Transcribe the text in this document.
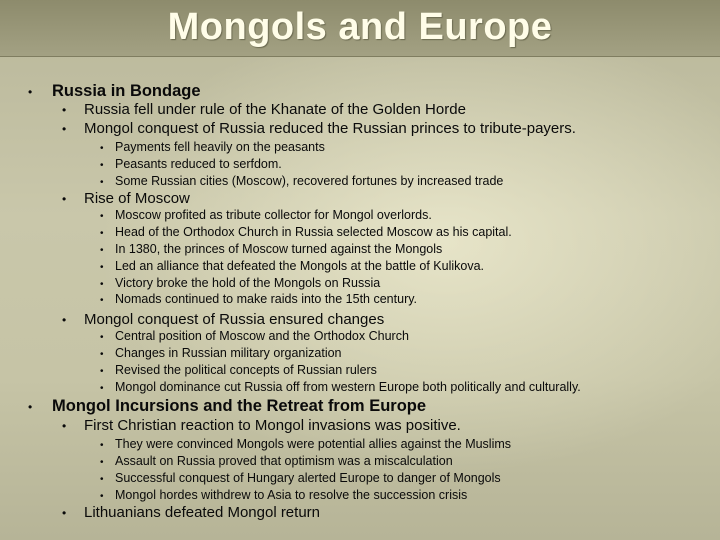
Mongols and Europe
• Russia in Bondage
• Russia fell under rule of the Khanate of the Golden Horde
• Mongol conquest of Russia reduced the Russian princes to tribute-payers.
• Payments fell heavily on the peasants
• Peasants reduced to serfdom.
• Some Russian cities (Moscow), recovered fortunes by increased trade
• Rise of Moscow
• Moscow profited as tribute collector for Mongol overlords.
• Head of the Orthodox Church in Russia selected Moscow as his capital.
• In 1380, the princes of Moscow turned against the Mongols
• Led an alliance that defeated the Mongols at the battle of Kulikova.
• Victory broke the hold of the Mongols on Russia
• Nomads continued to make raids into the 15th century.
• Mongol conquest of Russia ensured changes
• Central position of Moscow and the Orthodox Church
• Changes in Russian military organization
• Revised the political concepts of Russian rulers
• Mongol dominance cut Russia off from western Europe both politically and culturally.
• Mongol Incursions and the Retreat from Europe
• First Christian reaction to Mongol invasions was positive.
• They were convinced Mongols were potential allies against the Muslims
• Assault on Russia proved that optimism was a miscalculation
• Successful conquest of Hungary alerted Europe to danger of Mongols
• Mongol hordes withdrew to Asia to resolve the succession crisis
• Lithuanians defeated Mongol return
